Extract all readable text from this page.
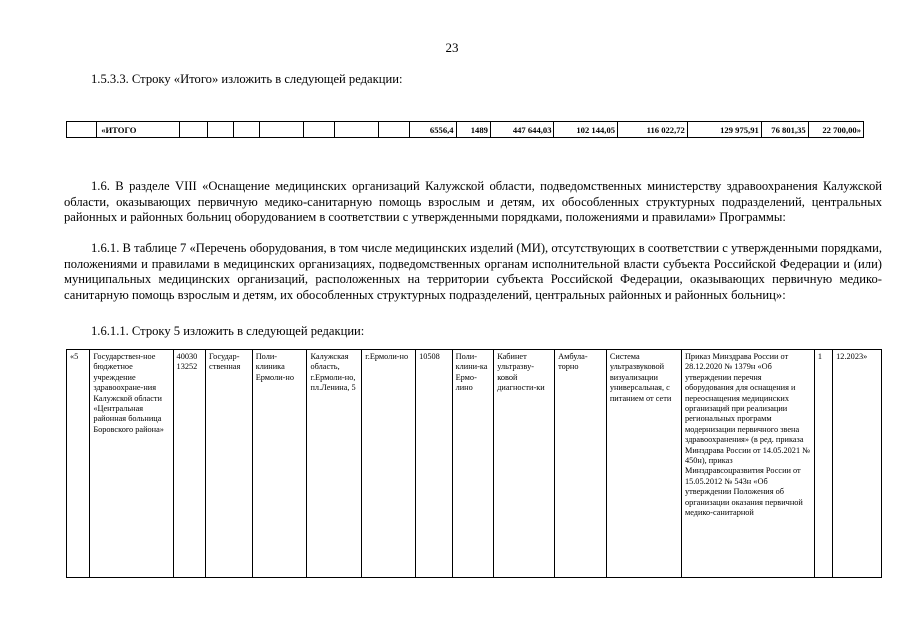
23
1.5.3.3. Строку «Итого» изложить в следующей редакции:
	«ИТОГО								6556,4	1489	447 644,03	102 144,05	116 022,72	129 975,91	76 801,35	22 700,00»
1.6. В разделе VIII «Оснащение медицинских организаций Калужской области, подведомственных министерству здравоохранения Калужской области, оказывающих первичную медико-санитарную помощь взрослым и детям, их обособленных структурных подразделений, центральных районных и районных больниц оборудованием в соответствии с утвержденными порядками, положениями и правилами» Программы:
1.6.1. В таблице 7 «Перечень оборудования, в том числе медицинских изделий (МИ), отсутствующих в соответствии с утвержденными порядками, положениями и правилами в медицинских организациях, подведомственных органам исполнительной власти субъекта Российской Федерации и (или) муниципальных медицинских организаций, расположенных на территории субъекта Российской Федерации, оказывающих первичную медико-санитарную помощь взрослым и детям, их обособленных структурных подразделений, центральных районных и районных больниц»:
1.6.1.1. Строку 5 изложить в следующей редакции:
«5	Государствен-ное бюджетное учреждение здравоохране-ния Калужской области «Центральная районная больница Боровского района»	40030 13252	Государ-ственная	Поли-клиника Ермоли-но	Калужская область, г.Ермоли-но, пл.Ленина, 5	г.Ермоли-но	10508	Поли-клини-ка Ермо-лино	Кабинет ультразву-ковой диагности-ки	Амбула-торно	Система ультразвуковой визуализации универсальная, с питанием от сети	Приказ Минздрава России от 28.12.2020 № 1379н «Об утверждении перечня оборудования для оснащения и переоснащения медицинских организаций при реализации региональных программ модернизации первичного звена здравоохранения» (в ред. приказа Минздрава России от 14.05.2021 № 450н), приказ Минздравсоцразвития России от 15.05.2012 № 543н «Об утверждении Положения об организации оказания первичной медико-санитарной	1	12.2023»
